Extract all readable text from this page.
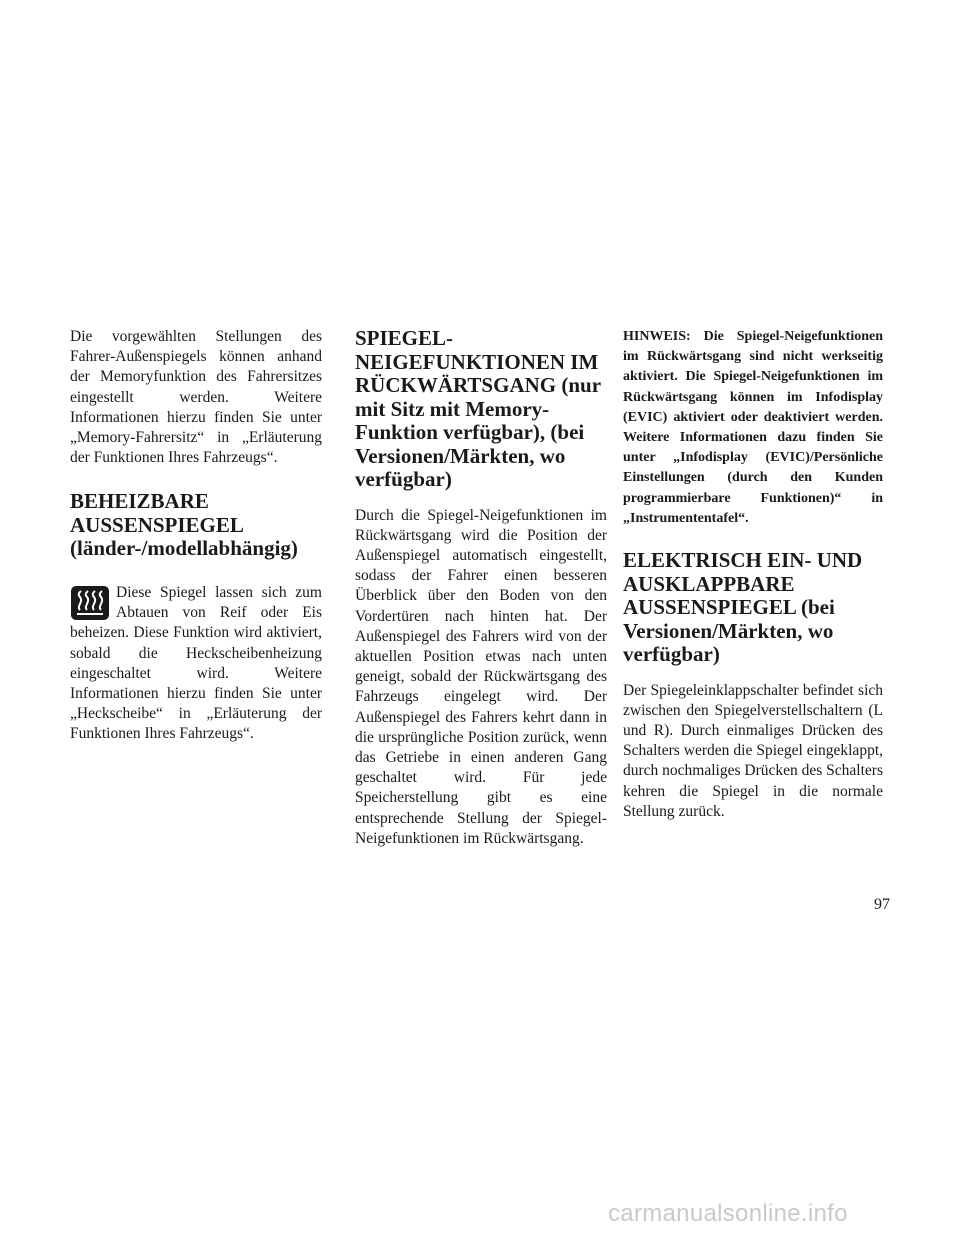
Die vorgewählten Stellungen des Fahrer-Außenspiegels können anhand der Memoryfunktion des Fahrersitzes eingestellt werden. Weitere Informationen hierzu finden Sie unter „Memory-Fahrersitz“ in „Erläuterung der Funktionen Ihres Fahrzeugs“.

BEHEIZBARE AUSSENSPIEGEL (länder-/modellabhängig)

Diese Spiegel lassen sich zum Abtauen von Reif oder Eis beheizen. Diese Funktion wird aktiviert, sobald die Heckscheibenheizung eingeschaltet wird. Weitere Informationen hierzu finden Sie unter „Heckscheibe“ in „Erläuterung der Funktionen Ihres Fahrzeugs“.

SPIEGEL-NEIGEFUNKTIONEN IM RÜCKWÄRTSGANG (nur mit Sitz mit Memory-Funktion verfügbar), (bei Versionen/Märkten, wo verfügbar)

Durch die Spiegel-Neigefunktionen im Rückwärtsgang wird die Position der Außenspiegel automatisch eingestellt, sodass der Fahrer einen besseren Überblick über den Boden von den Vordertüren nach hinten hat. Der Außenspiegel des Fahrers wird von der aktuellen Position etwas nach unten geneigt, sobald der Rückwärtsgang des Fahrzeugs eingelegt wird. Der Außenspiegel des Fahrers kehrt dann in die ursprüngliche Position zurück, wenn das Getriebe in einen anderen Gang geschaltet wird. Für jede Speicherstellung gibt es eine entsprechende Stellung der Spiegel-Neigefunktionen im Rückwärtsgang.

HINWEIS: Die Spiegel-Neigefunktionen im Rückwärtsgang sind nicht werkseitig aktiviert. Die Spiegel-Neigefunktionen im Rückwärtsgang können im Infodisplay (EVIC) aktiviert oder deaktiviert werden. Weitere Informationen dazu finden Sie unter „Infodisplay (EVIC)/Persönliche Einstellungen (durch den Kunden programmierbare Funktionen)“ in „Instrumententafel“.

ELEKTRISCH EIN- UND AUSKLAPPBARE AUSSENSPIEGEL (bei Versionen/Märkten, wo verfügbar)

Der Spiegeleinklappschalter befindet sich zwischen den Spiegelverstellschaltern (L und R). Durch einmaliges Drücken des Schalters werden die Spiegel eingeklappt, durch nochmaliges Drücken des Schalters kehren die Spiegel in die normale Stellung zurück.

97
carmanualsonline.info
